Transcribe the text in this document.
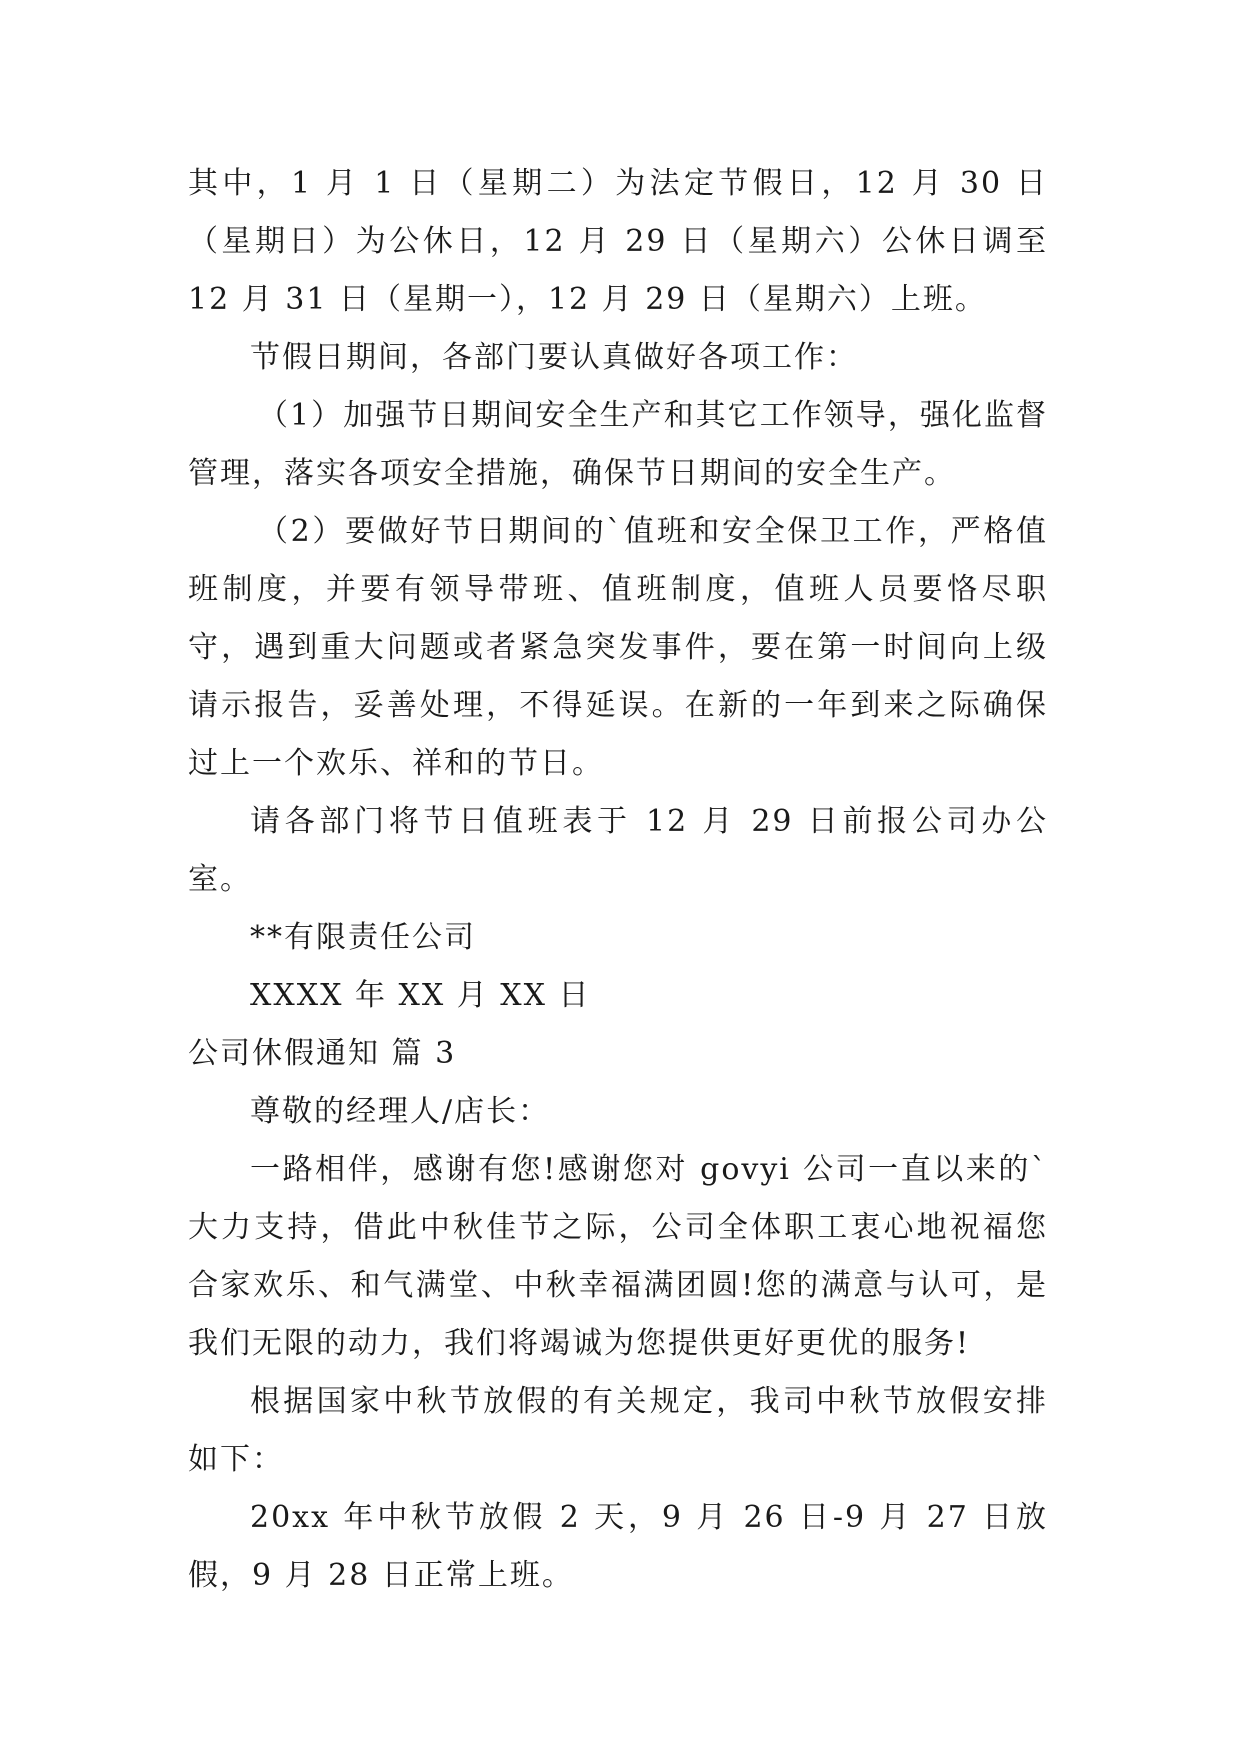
其中，1 月 1 日（星期二）为法定节假日，12 月 30 日（星期日）为公休日，12 月 29 日（星期六）公休日调至 12 月 31 日（星期一），12 月 29 日（星期六）上班。

节假日期间，各部门要认真做好各项工作：

（1）加强节日期间安全生产和其它工作领导，强化监督管理，落实各项安全措施，确保节日期间的安全生产。

（2）要做好节日期间的`值班和安全保卫工作，严格值班制度，并要有领导带班、值班制度，值班人员要恪尽职守，遇到重大问题或者紧急突发事件，要在第一时间向上级请示报告，妥善处理，不得延误。在新的一年到来之际确保过上一个欢乐、祥和的节日。

请各部门将节日值班表于 12 月 29 日前报公司办公室。

**有限责任公司

XXXX 年 XX 月 XX 日

公司休假通知 篇 3

尊敬的经理人/店长：

一路相伴，感谢有您!感谢您对 govyi 公司一直以来的`大力支持，借此中秋佳节之际，公司全体职工衷心地祝福您合家欢乐、和气满堂、中秋幸福满团圆!您的满意与认可，是我们无限的动力，我们将竭诚为您提供更好更优的服务!

根据国家中秋节放假的有关规定，我司中秋节放假安排如下：

20xx 年中秋节放假 2 天，9 月 26 日-9 月 27 日放假，9 月 28 日正常上班。
